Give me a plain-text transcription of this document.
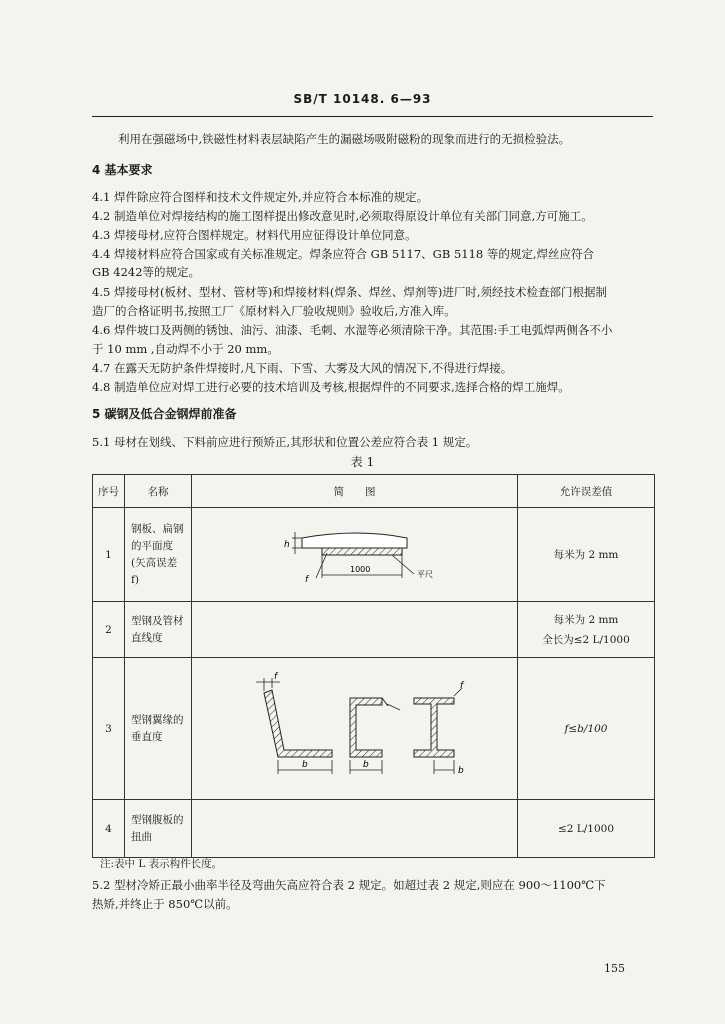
SB/T 10148. 6—93
利用在强磁场中,铁磁性材料表层缺陷产生的漏磁场吸附磁粉的现象而进行的无损检验法。
4 基本要求
4.1 焊件除应符合图样和技术文件规定外,并应符合本标准的规定。
4.2 制造单位对焊接结构的施工图样提出修改意见时,必须取得原设计单位有关部门同意,方可施工。
4.3 焊接母材,应符合图样规定。材料代用应征得设计单位同意。
4.4 焊接材料应符合国家或有关标准规定。焊条应符合 GB 5117、GB 5118 等的规定,焊丝应符合
GB 4242等的规定。
4.5 焊接母材(板材、型材、管材等)和焊接材料(焊条、焊丝、焊剂等)进厂时,须经技术检查部门根据制
造厂的合格证明书,按照工厂《原材料入厂验收规则》验收后,方准入库。
4.6 焊件坡口及两侧的锈蚀、油污、油漆、毛刺、水湿等必须清除干净。其范围:手工电弧焊两侧各不小
于 10 mm ,自动焊不小于 20 mm。
4.7 在露天无防护条件焊接时,凡下雨、下雪、大雾及大风的情况下,不得进行焊接。
4.8 制造单位应对焊工进行必要的技术培训及考核,根据焊件的不同要求,选择合格的焊工施焊。
5 碳钢及低合金钢焊前准备
5.1 母材在划线、下料前应进行预矫正,其形状和位置公差应符合表 1 规定。
表 1
序号	名称	简　　图	允许误差值
1	钢板、扁钢的平面度(矢高误差f)	h
1000
f
平尺	每米为 2 mm
2	型钢及管材直线度		每米为 2 mm
全长为≤2 L/1000

3	型钢翼缘的垂直度	f
b b
f
b	f≤b/100
4	型钢腹板的扭曲		≤2 L/1000
注:表中 L 表示构件长度。
5.2 型材冷矫正最小曲率半径及弯曲矢高应符合表 2 规定。如超过表 2 规定,则应在 900～1100℃下
热矫,并终止于 850℃以前。
155
